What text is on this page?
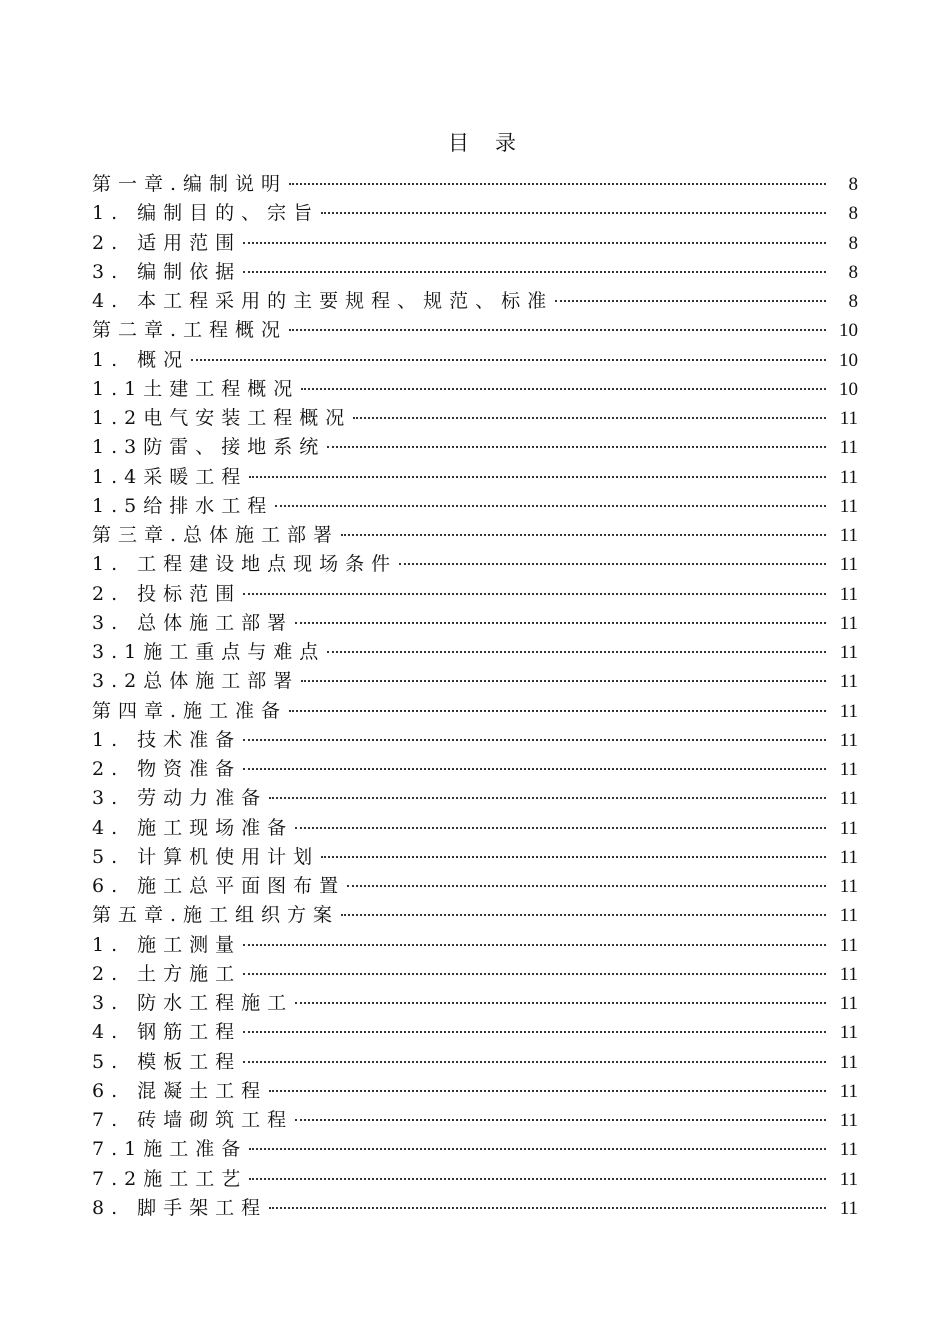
目录
第一章.编制说明	8
1. 编制目的、宗旨	8
2. 适用范围	8
3. 编制依据	8
4. 本工程采用的主要规程、规范、标准	8
第二章.工程概况	10
1. 概况	10
1.1土建工程概况	10
1.2电气安装工程概况	11
1.3防雷、接地系统	11
1.4采暖工程	11
1.5给排水工程	11
第三章.总体施工部署	11
1. 工程建设地点现场条件	11
2. 投标范围	11
3. 总体施工部署	11
3.1施工重点与难点	11
3.2总体施工部署	11
第四章.施工准备	11
1. 技术准备	11
2. 物资准备	11
3. 劳动力准备	11
4. 施工现场准备	11
5. 计算机使用计划	11
6. 施工总平面图布置	11
第五章.施工组织方案	11
1. 施工测量	11
2. 土方施工	11
3. 防水工程施工	11
4. 钢筋工程	11
5. 模板工程	11
6. 混凝土工程	11
7. 砖墙砌筑工程	11
7.1施工准备	11
7.2施工工艺	11
8. 脚手架工程	11
